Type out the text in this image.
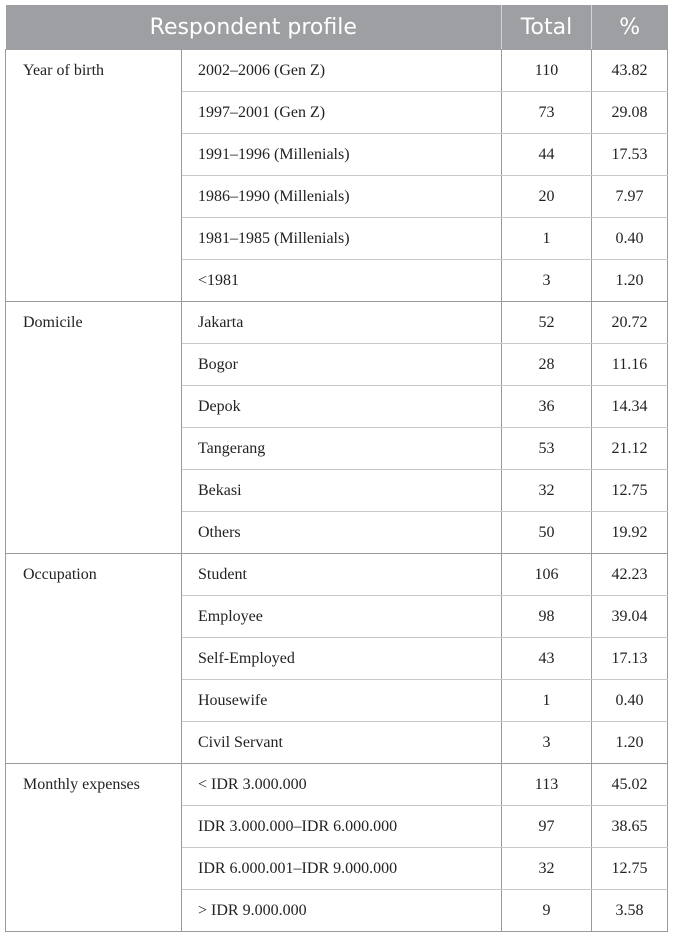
Respondent profile		Total	%
Year of birth	2002–2006 (Gen Z)	110	43.82
	1997–2001 (Gen Z)	73	29.08
	1991–1996 (Millenials)	44	17.53
	1986–1990 (Millenials)	20	7.97
	1981–1985 (Millenials)	1	0.40
	<1981	3	1.20
Domicile	Jakarta	52	20.72
	Bogor	28	11.16
	Depok	36	14.34
	Tangerang	53	21.12
	Bekasi	32	12.75
	Others	50	19.92
Occupation	Student	106	42.23
	Employee	98	39.04
	Self-Employed	43	17.13
	Housewife	1	0.40
	Civil Servant	3	1.20
Monthly expenses	< IDR 3.000.000	113	45.02
	IDR 3.000.000–IDR 6.000.000	97	38.65
	IDR 6.000.001–IDR 9.000.000	32	12.75
	> IDR 9.000.000	9	3.58
